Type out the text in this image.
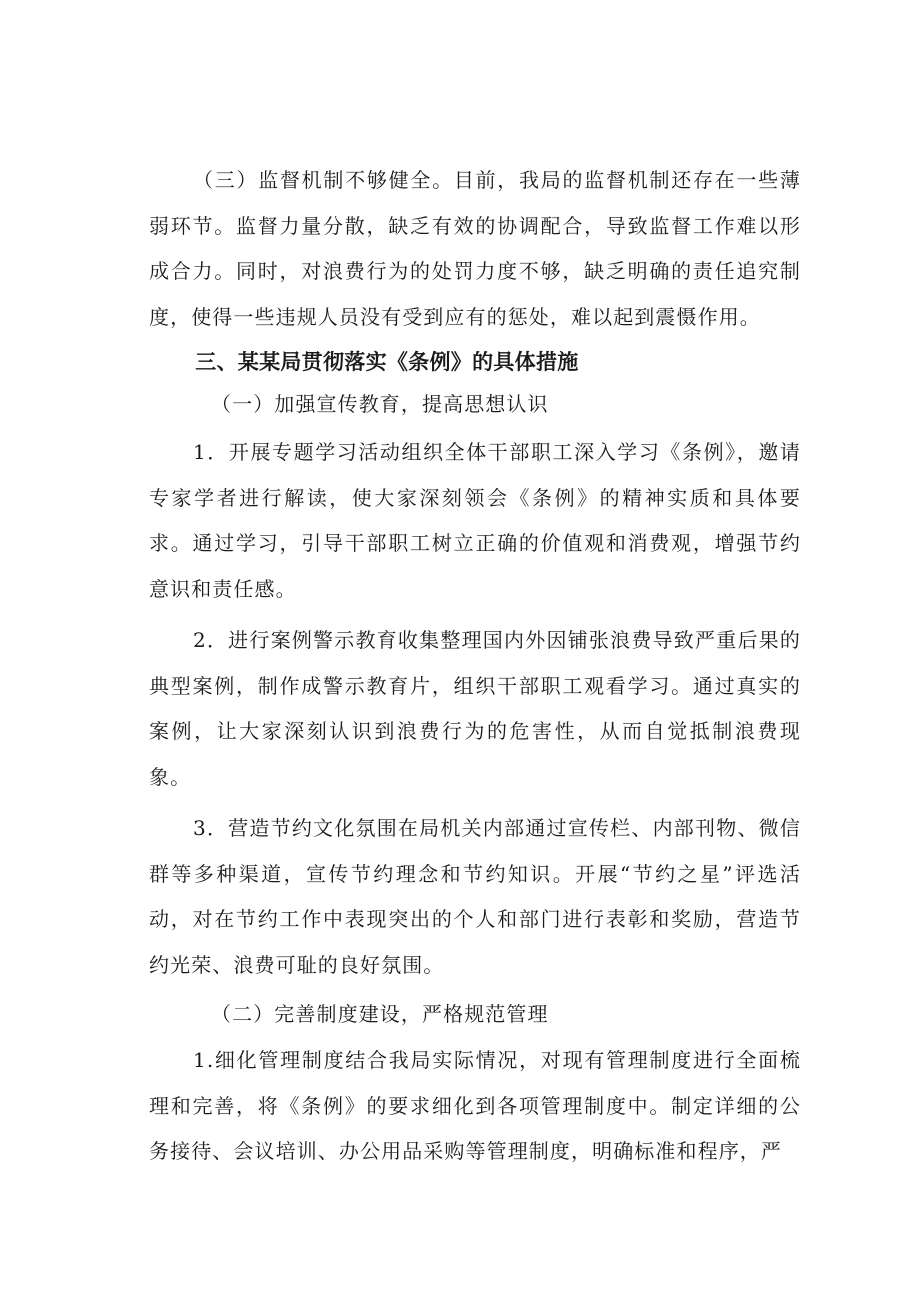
（三）监督机制不够健全。目前，我局的监督机制还存在一些薄弱环节。监督力量分散，缺乏有效的协调配合，导致监督工作难以形成合力。同时，对浪费行为的处罚力度不够，缺乏明确的责任追究制度，使得一些违规人员没有受到应有的惩处，难以起到震慑作用。

三、某某局贯彻落实《条例》的具体措施
（一）加强宣传教育，提高思想认识

1．开展专题学习活动组织全体干部职工深入学习《条例》，邀请专家学者进行解读，使大家深刻领会《条例》的精神实质和具体要求。通过学习，引导干部职工树立正确的价值观和消费观，增强节约意识和责任感。

2．进行案例警示教育收集整理国内外因铺张浪费导致严重后果的典型案例，制作成警示教育片，组织干部职工观看学习。通过真实的案例，让大家深刻认识到浪费行为的危害性，从而自觉抵制浪费现象。

3．营造节约文化氛围在局机关内部通过宣传栏、内部刊物、微信群等多种渠道，宣传节约理念和节约知识。开展“节约之星”评选活动，对在节约工作中表现突出的个人和部门进行表彰和奖励，营造节约光荣、浪费可耻的良好氛围。

（二）完善制度建设，严格规范管理

1.细化管理制度结合我局实际情况，对现有管理制度进行全面梳理和完善，将《条例》的要求细化到各项管理制度中。制定详细的公务接待、会议培训、办公用品采购等管理制度，明确标准和程序，严
